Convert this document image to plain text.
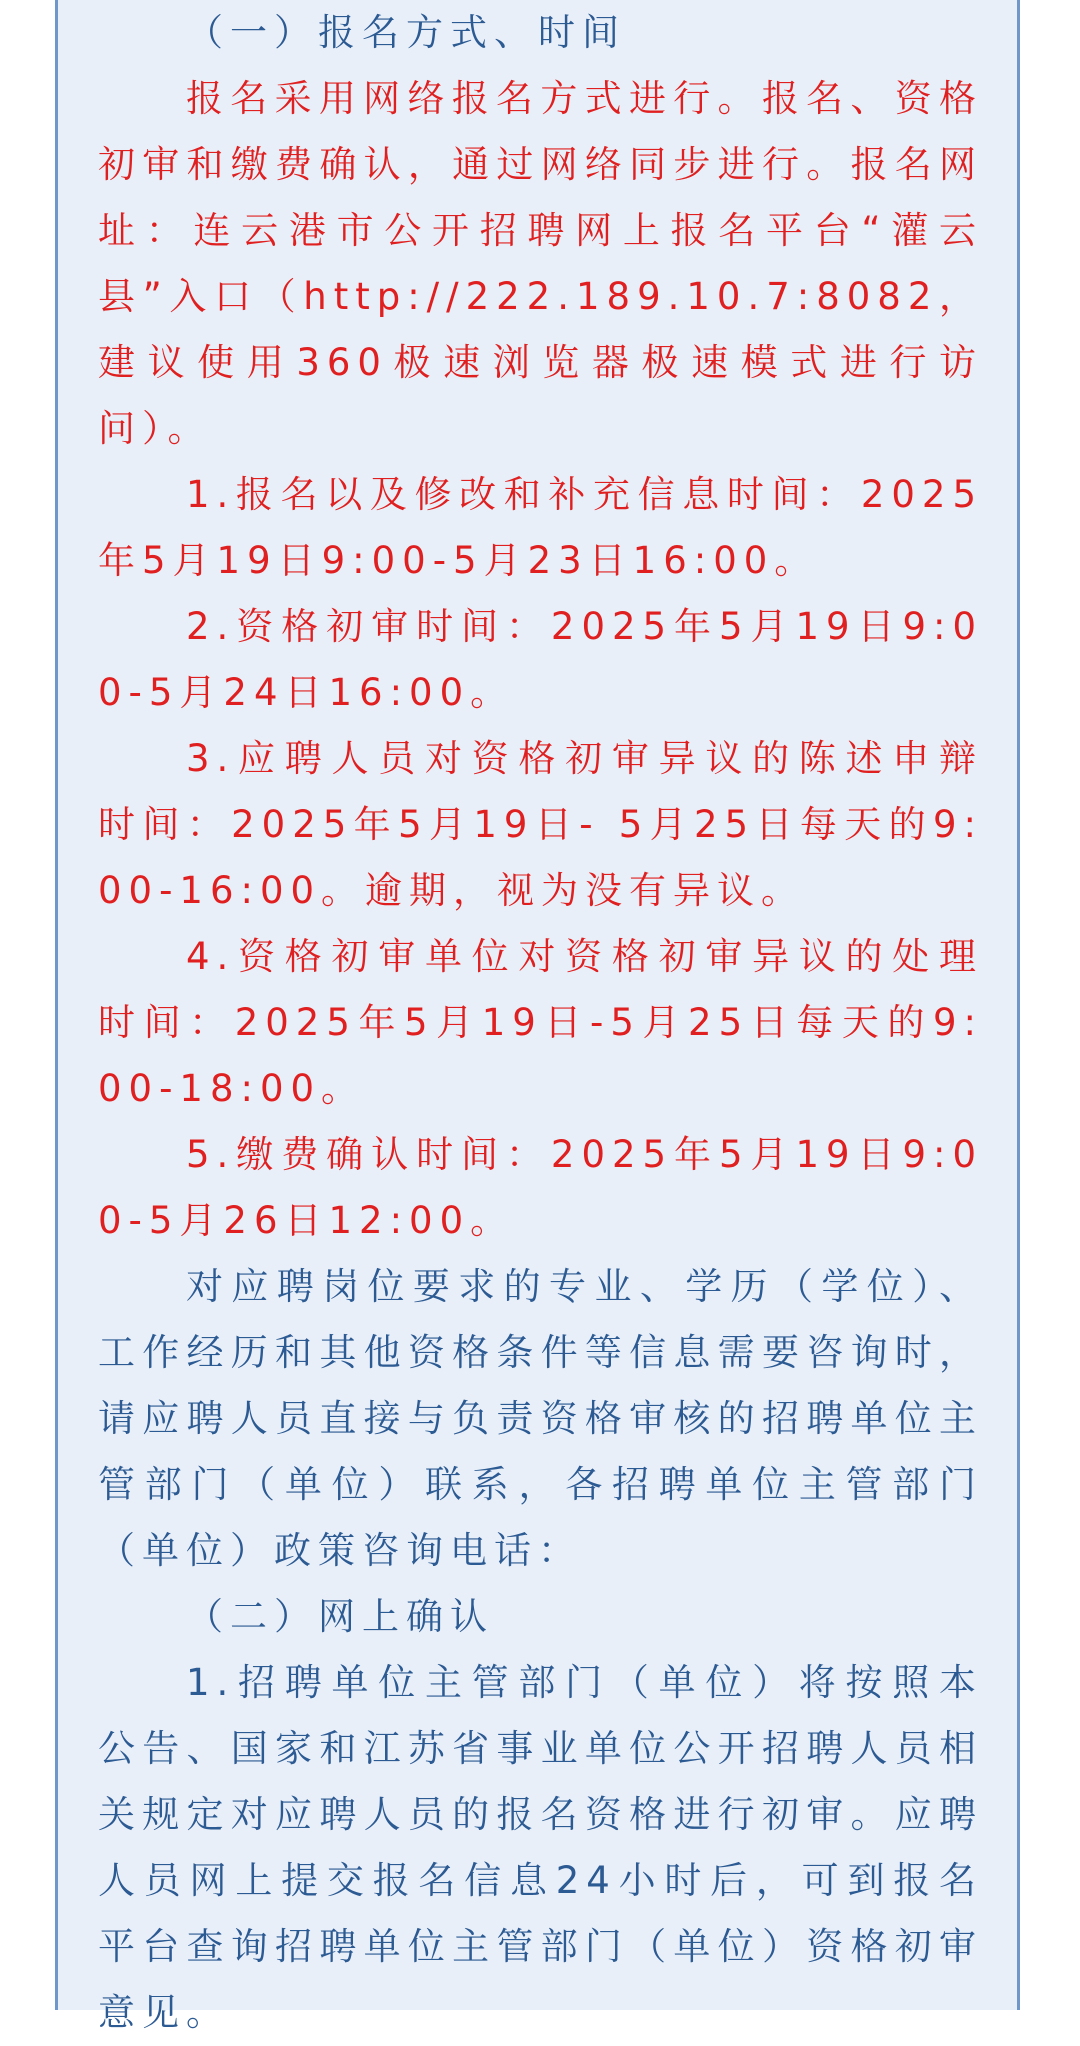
（一）报名方式、时间

报名采用网络报名方式进行。报名、资格初审和缴费确认，通过网络同步进行。报名网址：连云港市公开招聘网上报名平台“灌云县”入口（http://222.189.10.7:8082，建议使用360极速浏览器极速模式进行访问）。

1.报名以及修改和补充信息时间：2025年5月19日9:00-5月23日16:00。

2.资格初审时间：2025年5月19日9:00-5月24日16:00。

3.应聘人员对资格初审异议的陈述申辩时间：2025年5月19日- 5月25日每天的9:00-16:00。逾期，视为没有异议。

4.资格初审单位对资格初审异议的处理时间：2025年5月19日-5月25日每天的9:00-18:00。

5.缴费确认时间：2025年5月19日9:00-5月26日12:00。

对应聘岗位要求的专业、学历（学位）、工作经历和其他资格条件等信息需要咨询时，请应聘人员直接与负责资格审核的招聘单位主管部门（单位）联系，各招聘单位主管部门（单位）政策咨询电话：

（二）网上确认

1.招聘单位主管部门（单位）将按照本公告、国家和江苏省事业单位公开招聘人员相关规定对应聘人员的报名资格进行初审。应聘人员网上提交报名信息24小时后，可到报名平台查询招聘单位主管部门（单位）资格初审意见。
